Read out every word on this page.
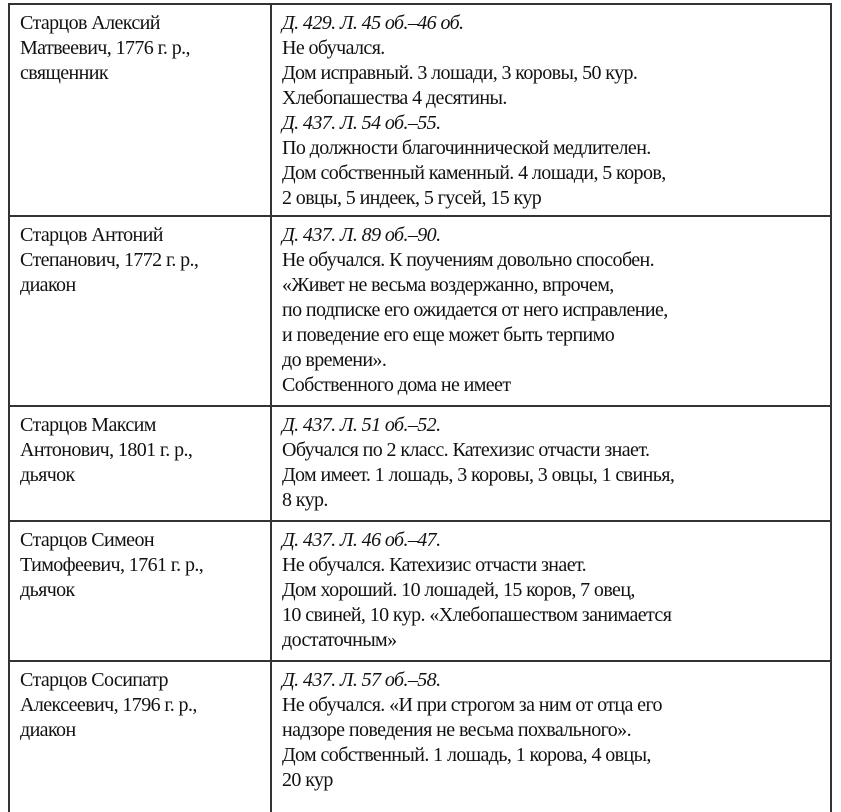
Старцов Алексий
Матвеевич, 1776 г. р.,
священник
Д. 429. Л. 45 об.–46 об.
Не обучался.
Дом исправный. 3 лошади, 3 коровы, 50 кур.
Хлебопашества 4 десятины.
Д. 437. Л. 54 об.–55.
По должности благочиннической медлителен.
Дом собственный каменный. 4 лошади, 5 коров,
2 овцы, 5 индеек, 5 гусей, 15 кур
Старцов Антоний
Степанович, 1772 г. р.,
диакон
Д. 437. Л. 89 об.–90.
Не обучался. К поучениям довольно способен.
«Живет не весьма воздержанно, впрочем,
по подписке его ожидается от него исправление,
и поведение его еще может быть терпимо
до времени».
Собственного дома не имеет
Старцов Максим
Антонович, 1801 г. р.,
дьячок
Д. 437. Л. 51 об.–52.
Обучался по 2 класс. Катехизис отчасти знает.
Дом имеет. 1 лошадь, 3 коровы, 3 овцы, 1 свинья,
8 кур.
Старцов Симеон
Тимофеевич, 1761 г. р.,
дьячок
Д. 437. Л. 46 об.–47.
Не обучался. Катехизис отчасти знает.
Дом хороший. 10 лошадей, 15 коров, 7 овец,
10 свиней, 10 кур. «Хлебопашеством занимается
достаточным»
Старцов Сосипатр
Алексеевич, 1796 г. р.,
диакон
Д. 437. Л. 57 об.–58.
Не обучался. «И при строгом за ним от отца его
надзоре поведения не весьма похвального».
Дом собственный. 1 лошадь, 1 корова, 4 овцы,
20 кур
